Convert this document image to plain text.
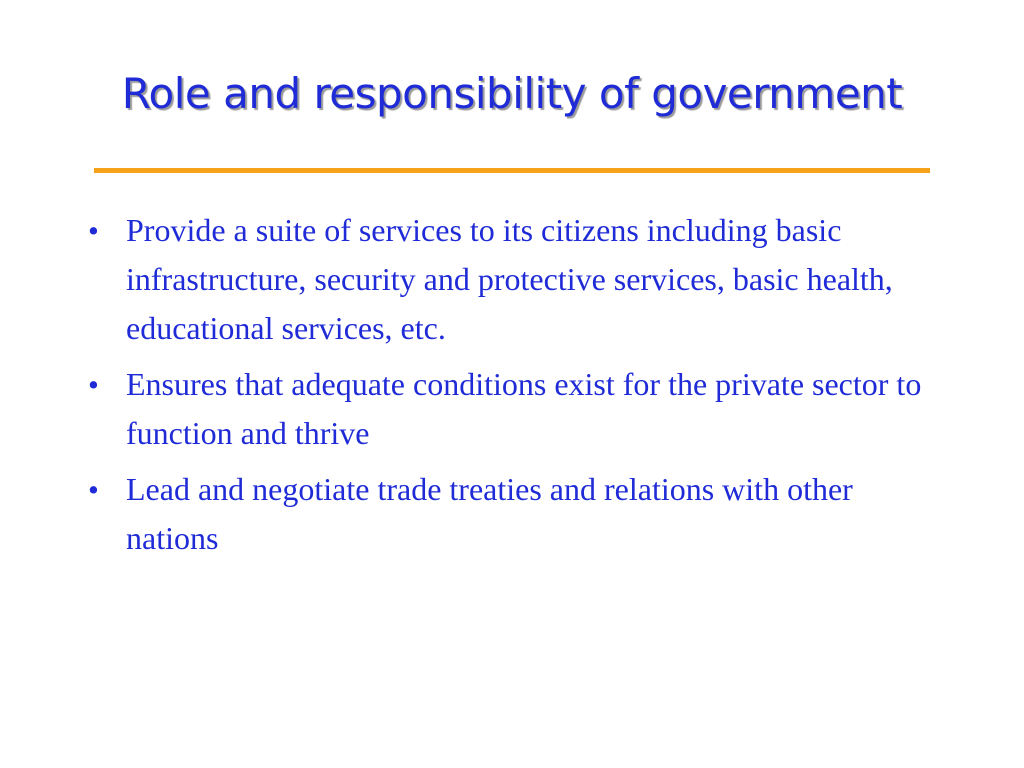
Role and responsibility of government
• Provide a suite of services to its citizens including basic infrastructure, security and protective services, basic health, educational services, etc.
• Ensures that adequate conditions exist for the private sector to function and thrive
• Lead and negotiate trade treaties and relations with other nations
